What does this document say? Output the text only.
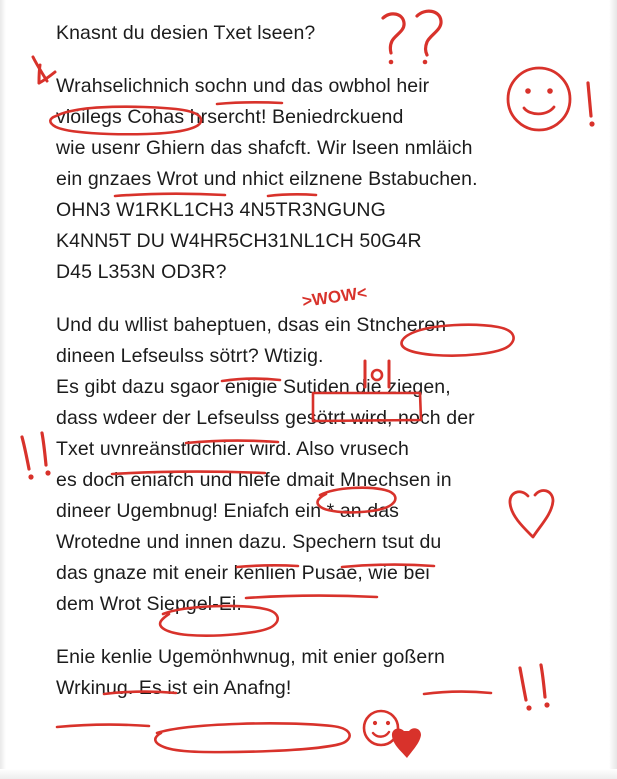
Knasnt du desien Txet lseen?

Wrahselichnich sochn und das owbhol heir
vlöilegs Cohas hrsercht! Beniedrckuend
wie usenr Ghiern das shafcft. Wir lseen nmläich
ein gnzaes Wrot und nhict eilznene Bstabuchen.
OHN3 W1RKL1CH3 4N5TR3NGUNG
K4NN5T DU W4HR5CH31NL1CH 50G4R
D45 L353N OD3R?

Und du wllist baheptuen, dsas ein Stncheren
dineen Lefseulss sötrt? Wtizig.
Es gibt dazu sgaor enigie Sutiden die ziegen,
dass wdeer der Lefseulss gesötrt wird, noch der
Txet uvnreänstldchier wird. Also vrusech
es doch eniafch und hlefe dmait Mnechsen in
dineer Ugembnug! Eniafch ein * an das
Wrotedne und innen dazu. Spechern tsut du
das gnaze mit eneir kenlien Pusae, wie bei
dem Wrot Siepgel-Ei.

Enie kenlie Ugemönhwnug, mit enier goßern
Wrkinug. Es ist ein Anafng!

>WOW<
